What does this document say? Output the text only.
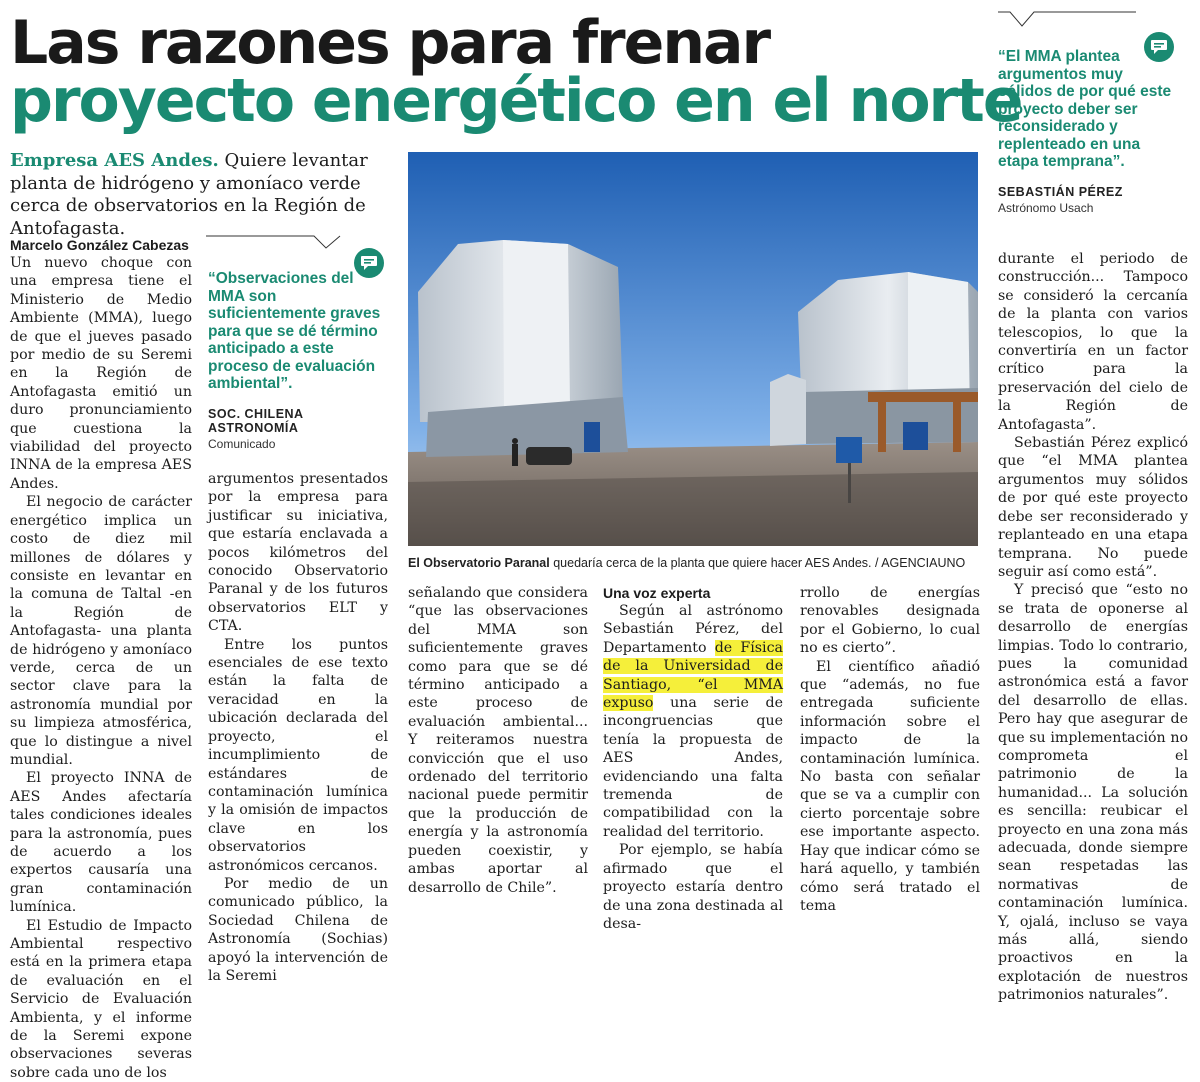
Las razones para frenar
proyecto energético en el norte
Empresa AES Andes. Quiere levantar planta de hidrógeno y amoníaco verde cerca de observatorios en la Región de Antofagasta.
Marcelo González Cabezas

Un nuevo choque con una empresa tiene el Ministerio de Medio Ambiente (MMA), luego de que el jueves pasado por medio de su Seremi en la Región de Antofagasta emitió un duro pronunciamiento que cuestiona la viabilidad del proyecto INNA de la empresa AES Andes.

El negocio de carácter energético implica un costo de diez mil millones de dólares y consiste en levantar en la comuna de Taltal -en la Región de Antofagasta- una planta de hidrógeno y amoníaco verde, cerca de un sector clave para la astronomía mundial por su limpieza atmosférica, que lo distingue a nivel mundial.

El proyecto INNA de AES Andes afectaría tales condiciones ideales para la astronomía, pues de acuerdo a los expertos causaría una gran contaminación lumínica.

El Estudio de Impacto Ambiental respectivo está en la primera etapa de evaluación en el Servicio de Evaluación Ambienta, y el informe de la Seremi expone observaciones severas sobre cada uno de los

“Observaciones del MMA son suficientemente graves para que se dé término anticipado a este proceso de evaluación ambiental”.
SOC. CHILENA ASTRONOMÍA
Comunicado

argumentos presentados por la empresa para justificar su iniciativa, que estaría enclavada a pocos kilómetros del conocido Observatorio Paranal y de los futuros observatorios ELT y CTA.

Entre los puntos esenciales de ese texto están la falta de veracidad en la ubicación declarada del proyecto, el incumplimiento de estándares de contaminación lumínica y la omisión de impactos clave en los observatorios astronómicos cercanos.

Por medio de un comunicado público, la Sociedad Chilena de Astronomía (Sochias) apoyó la intervención de la Seremi

El Observatorio Paranal quedaría cerca de la planta que quiere hacer AES Andes. / AGENCIAUNO

señalando que considera “que las observaciones del MMA son suficientemente graves como para que se dé término anticipado a este proceso de evaluación ambiental... Y reiteramos nuestra convicción que el uso ordenado del territorio nacional puede permitir que la producción de energía y la astronomía pueden coexistir, y ambas aportar al desarrollo de Chile”.

Una voz experta

Según al astrónomo Sebastián Pérez, del Departamento de Física de la Universidad de Santiago, “el MMA expuso una serie de incongruencias que tenía la propuesta de AES Andes, evidenciando una falta tremenda de compatibilidad con la realidad del territorio.

Por ejemplo, se había afirmado que el proyecto estaría dentro de una zona destinada al desa-

rrollo de energías renovables designada por el Gobierno, lo cual no es cierto”.

El científico añadió que “además, no fue entregada suficiente información sobre el impacto de la contaminación lumínica. No basta con señalar que se va a cumplir con cierto porcentaje sobre ese importante aspecto. Hay que indicar cómo se hará aquello, y también cómo será tratado el tema

“El MMA plantea argumentos muy sólidos de por qué este proyecto deber ser reconsiderado y replenteado en una etapa temprana”.
SEBASTIÁN PÉREZ
Astrónomo Usach

durante el periodo de construcción... Tampoco se consideró la cercanía de la planta con varios telescopios, lo que la convertiría en un factor crítico para la preservación del cielo de la Región de Antofagasta”.

Sebastián Pérez explicó que “el MMA plantea argumentos muy sólidos de por qué este proyecto debe ser reconsiderado y replanteado en una etapa temprana. No puede seguir así como está”.

Y precisó que “esto no se trata de oponerse al desarrollo de energías limpias. Todo lo contrario, pues la comunidad astronómica está a favor del desarrollo de ellas. Pero hay que asegurar de que su implementación no comprometa el patrimonio de la humanidad... La solución es sencilla: reubicar el proyecto en una zona más adecuada, donde siempre sean respetadas las normativas de contaminación lumínica. Y, ojalá, incluso se vaya más allá, siendo proactivos en la explotación de nuestros patrimonios naturales”.
